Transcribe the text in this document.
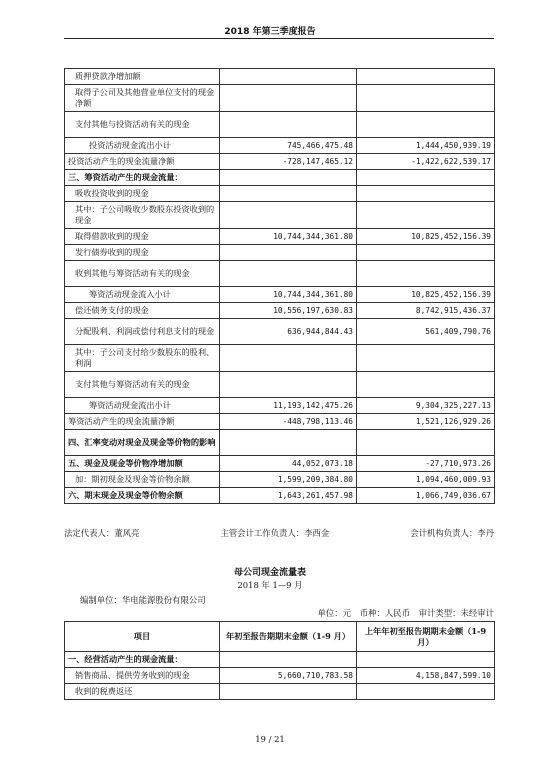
2018 年第三季度报告
质押贷款净增加额		
取得子公司及其他营业单位支付的现金净额		
支付其他与投资活动有关的现金		
投资活动现金流出小计	745,466,475.48	1,444,450,939.19
投资活动产生的现金流量净额	-728,147,465.12	-1,422,622,539.17
三、筹资活动产生的现金流量：		
吸收投资收到的现金		
其中：子公司吸收少数股东投资收到的现金		
取得借款收到的现金	10,744,344,361.80	10,825,452,156.39
发行债券收到的现金		
收到其他与筹资活动有关的现金		
筹资活动现金流入小计	10,744,344,361.80	10,825,452,156.39
偿还债务支付的现金	10,556,197,630.83	8,742,915,436.37
分配股利、利润或偿付利息支付的现金	636,944,844.43	561,409,790.76
其中：子公司支付给少数股东的股利、利润		
支付其他与筹资活动有关的现金		
筹资活动现金流出小计	11,193,142,475.26	9,304,325,227.13
筹资活动产生的现金流量净额	-448,798,113.46	1,521,126,929.26
四、汇率变动对现金及现金等价物的影响		
五、现金及现金等价物净增加额	44,052,073.18	-27,710,973.26
加：期初现金及现金等价物余额	1,599,209,384.80	1,094,460,009.93
六、期末现金及现金等价物余额	1,643,261,457.98	1,066,749,036.67
法定代表人：董风亮	主管会计工作负责人：李西金	会计机构负责人：李丹
母公司现金流量表
2018 年 1—9 月
编制单位：华电能源股份有限公司
单位：元 币种：人民币 审计类型：未经审计
项目	年初至报告期期末金额（1-9 月）	上年年初至报告期期末金额（1-9 月）
一、经营活动产生的现金流量：		
销售商品、提供劳务收到的现金	5,660,710,783.58	4,158,847,599.10
收到的税费返还		
19 / 21
